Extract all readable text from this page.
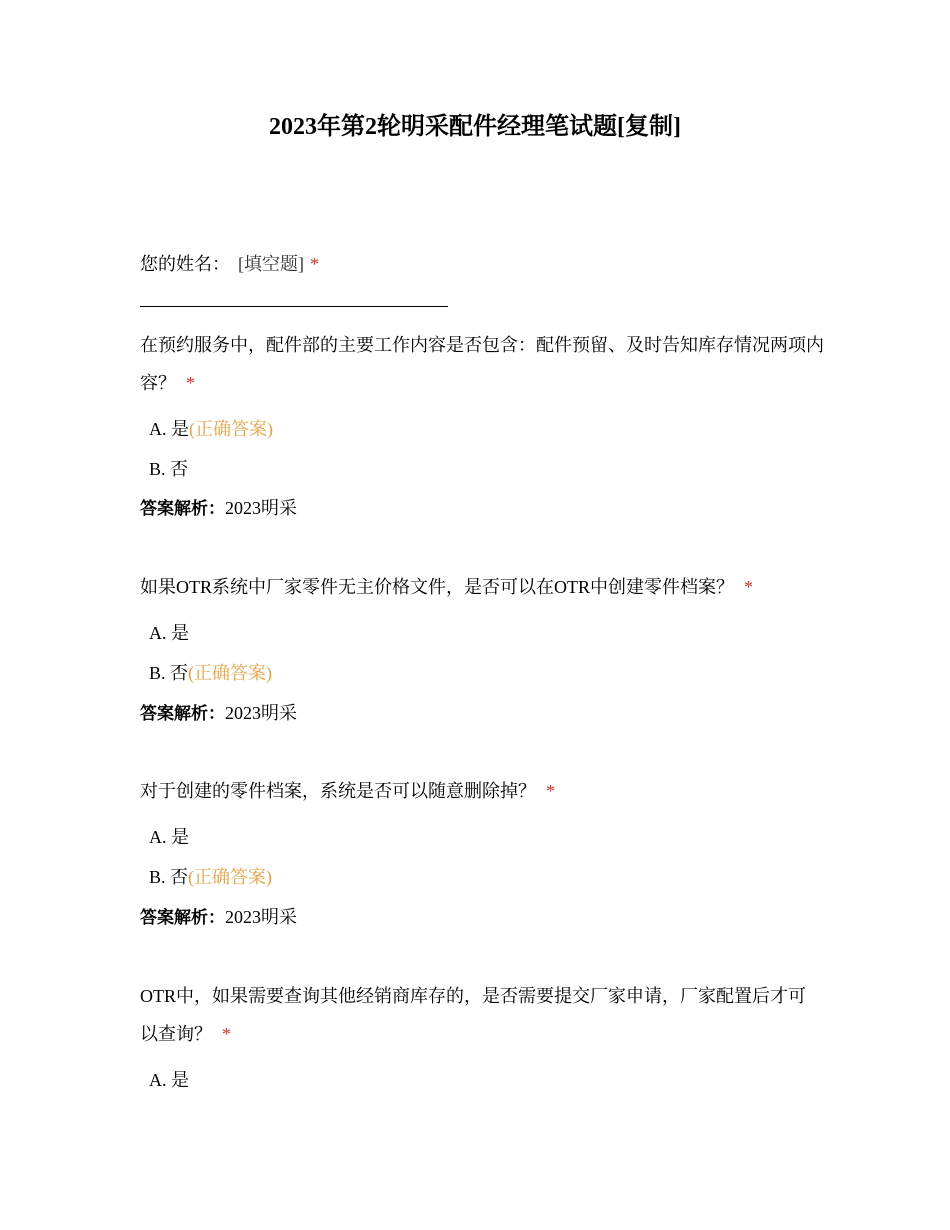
2023年第2轮明采配件经理笔试题[复制]
您的姓名： [填空题] *
在预约服务中，配件部的主要工作内容是否包含：配件预留、及时告知库存情况两项内容？ *
A. 是(正确答案)
B. 否
答案解析：2023明采
如果OTR系统中厂家零件无主价格文件，是否可以在OTR中创建零件档案？ *
A. 是
B. 否(正确答案)
答案解析：2023明采
对于创建的零件档案，系统是否可以随意删除掉？ *
A. 是
B. 否(正确答案)
答案解析：2023明采
OTR中，如果需要查询其他经销商库存的，是否需要提交厂家申请，厂家配置后才可以查询？ *
A. 是
